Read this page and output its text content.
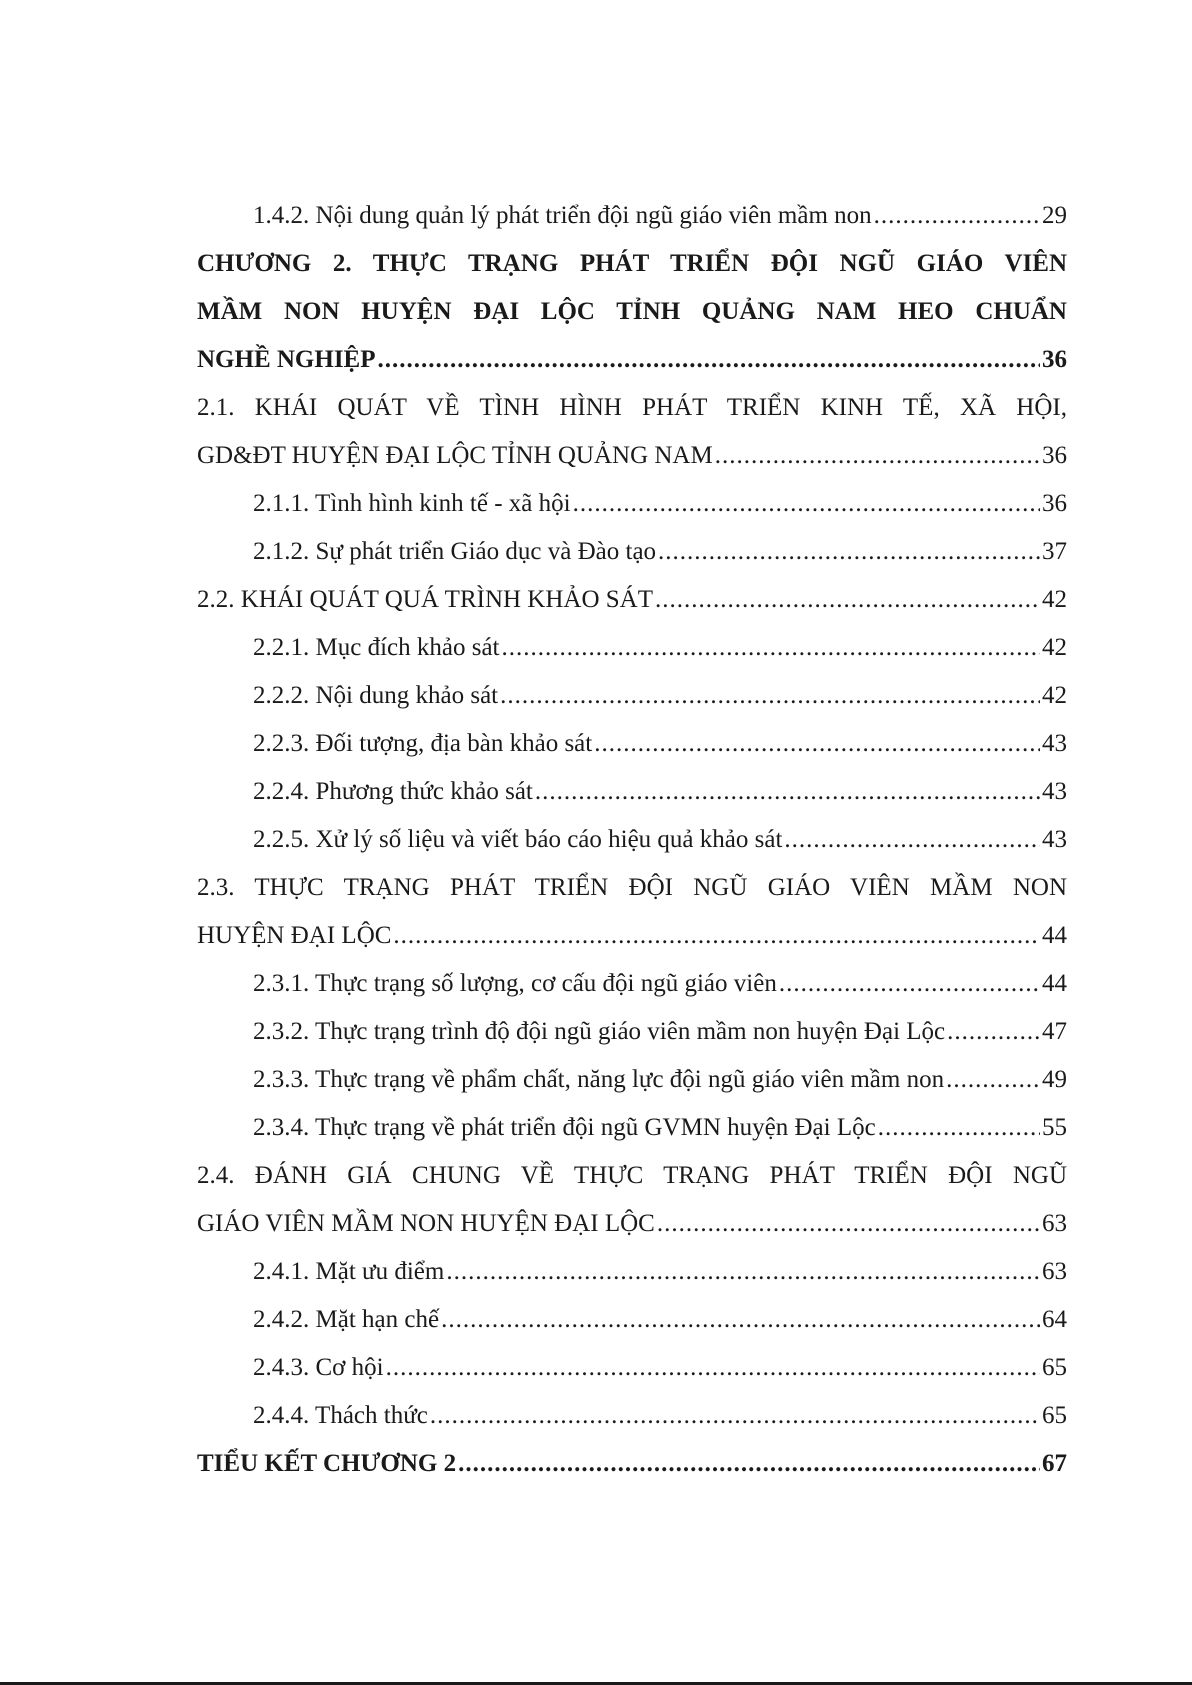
1.4.2. Nội dung quản lý phát triển đội ngũ giáo viên mầm non .....	29
CHƯƠNG 2. THỰC TRẠNG PHÁT TRIỂN ĐỘI NGŨ GIÁO VIÊN
MẦM NON HUYỆN ĐẠI LỘC TỈNH QUẢNG NAM HEO CHUẨN
NGHỀ NGHIỆP .....	36
2.1. KHÁI QUÁT VỀ TÌNH HÌNH PHÁT TRIỂN KINH TẾ, XÃ HỘI,
GD&ĐT HUYỆN ĐẠI LỘC TỈNH QUẢNG NAM .....	36
2.1.1. Tình hình kinh tế - xã hội .....	36
2.1.2. Sự phát triển Giáo dục và Đào tạo .....	37
2.2. KHÁI QUÁT QUÁ TRÌNH KHẢO SÁT .....	42
2.2.1. Mục đích khảo sát .....	42
2.2.2. Nội dung khảo sát .....	42
2.2.3. Đối tượng, địa bàn khảo sát .....	43
2.2.4. Phương thức khảo sát .....	43
2.2.5. Xử lý số liệu và viết báo cáo hiệu quả khảo sát .....	43
2.3. THỰC TRẠNG PHÁT TRIỂN ĐỘI NGŨ GIÁO VIÊN MẦM NON
HUYỆN ĐẠI LỘC .....	44
2.3.1. Thực trạng số lượng, cơ cấu đội ngũ giáo viên .....	44
2.3.2. Thực trạng trình độ đội ngũ giáo viên mầm non huyện Đại Lộc .....	47
2.3.3. Thực trạng về phẩm chất, năng lực đội ngũ giáo viên mầm non .....	49
2.3.4. Thực trạng về phát triển đội ngũ GVMN huyện Đại Lộc .....	55
2.4. ĐÁNH GIÁ CHUNG VỀ THỰC TRẠNG PHÁT TRIỂN ĐỘI NGŨ
GIÁO VIÊN MẦM NON HUYỆN ĐẠI LỘC .....	63
2.4.1. Mặt ưu điểm .....	63
2.4.2. Mặt hạn chế .....	64
2.4.3. Cơ hội .....	65
2.4.4. Thách thức .....	65
TIỂU KẾT CHƯƠNG 2 .....	67
